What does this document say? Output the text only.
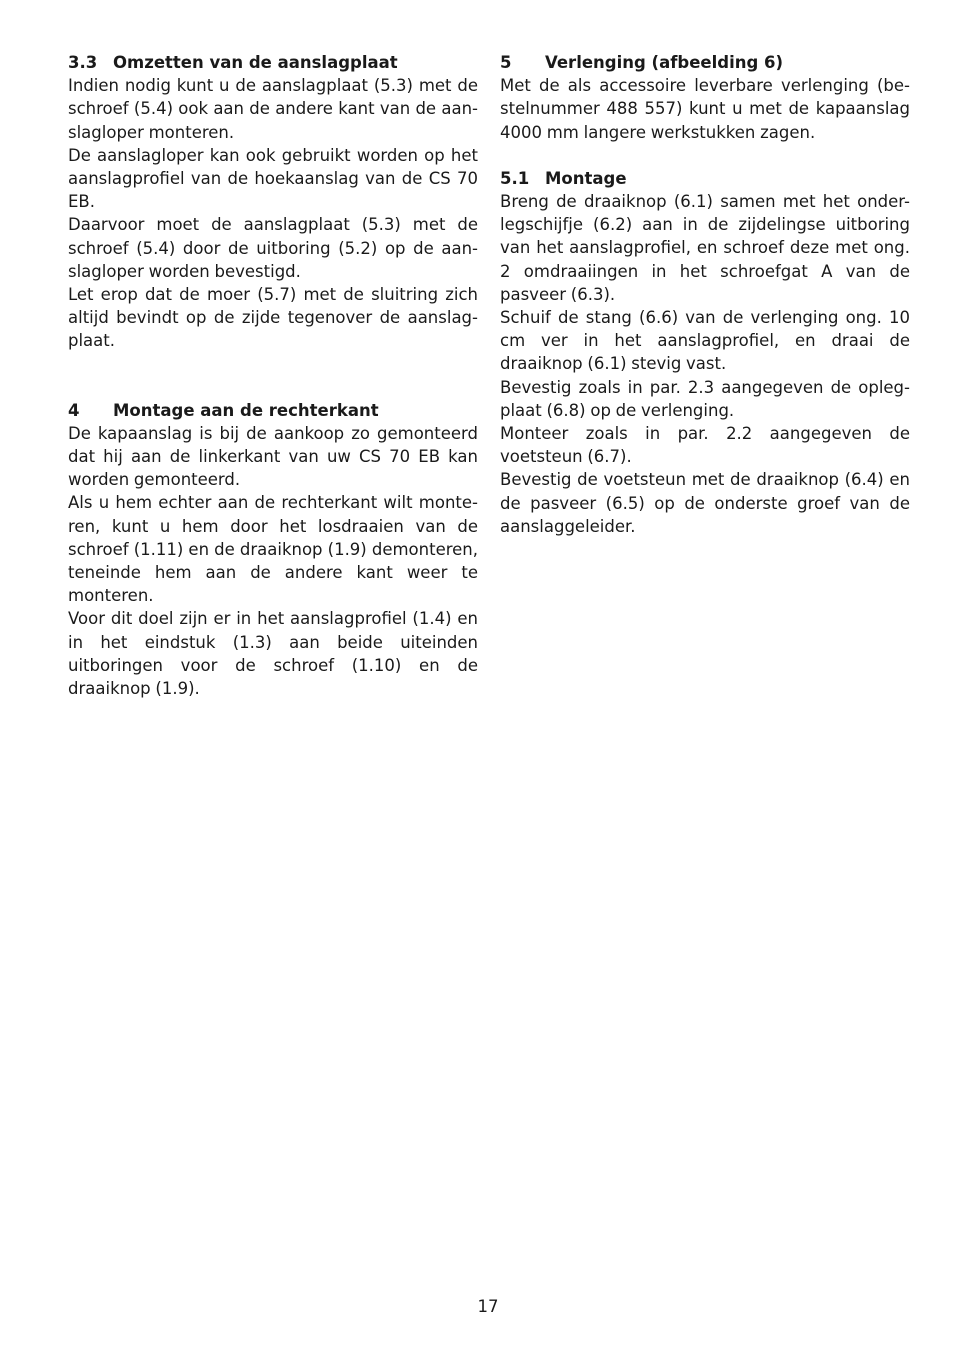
3.3 Omzetten van de aanslagplaat

Indien nodig kunt u de aanslagplaat (5.3) met de schroef (5.4) ook aan de andere kant van de aan-slagloper monteren.

De aanslagloper kan ook gebruikt worden op het aanslagprofiel van de hoekaanslag van de CS 70 EB.

Daarvoor moet de aanslagplaat (5.3) met de schroef (5.4) door de uitboring (5.2) op de aan-slagloper worden bevestigd.

Let erop dat de moer (5.7) met de sluitring zich altijd bevindt op de zijde tegenover de aanslag-plaat.

4	Montage aan de rechterkant

De kapaanslag is bij de aankoop zo gemonteerd dat hij aan de linkerkant van uw CS 70 EB kan worden gemonteerd.

Als u hem echter aan de rechterkant wilt monte-ren, kunt u hem door het losdraaien van de schroef (1.11) en de draaiknop (1.9) demonteren, teneinde hem aan de andere kant weer te monteren.

Voor dit doel zijn er in het aanslagprofiel (1.4) en in het eindstuk (1.3) aan beide uiteinden uitboringen voor de schroef (1.10) en de draaiknop (1.9).

5	Verlenging (afbeelding 6)

Met de als accessoire leverbare verlenging (be-stelnummer 488 557) kunt u met de kapaanslag 4000 mm langere werkstukken zagen.

5.1 Montage

Breng de draaiknop (6.1) samen met het onder-legschijfje (6.2) aan in de zijdelingse uitboring van het aanslagprofiel, en schroef deze met ong. 2 omdraaiingen in het schroefgat A van de pasveer (6.3).

Schuif de stang (6.6) van de verlenging ong. 10 cm ver in het aanslagprofiel, en draai de draaiknop (6.1) stevig vast.

Bevestig zoals in par. 2.3 aangegeven de opleg-plaat (6.8) op de verlenging.

Monteer zoals in par. 2.2 aangegeven de voetsteun (6.7).

Bevestig de voetsteun met de draaiknop (6.4) en de pasveer (6.5) op de onderste groef van de aanslaggeleider.

17
